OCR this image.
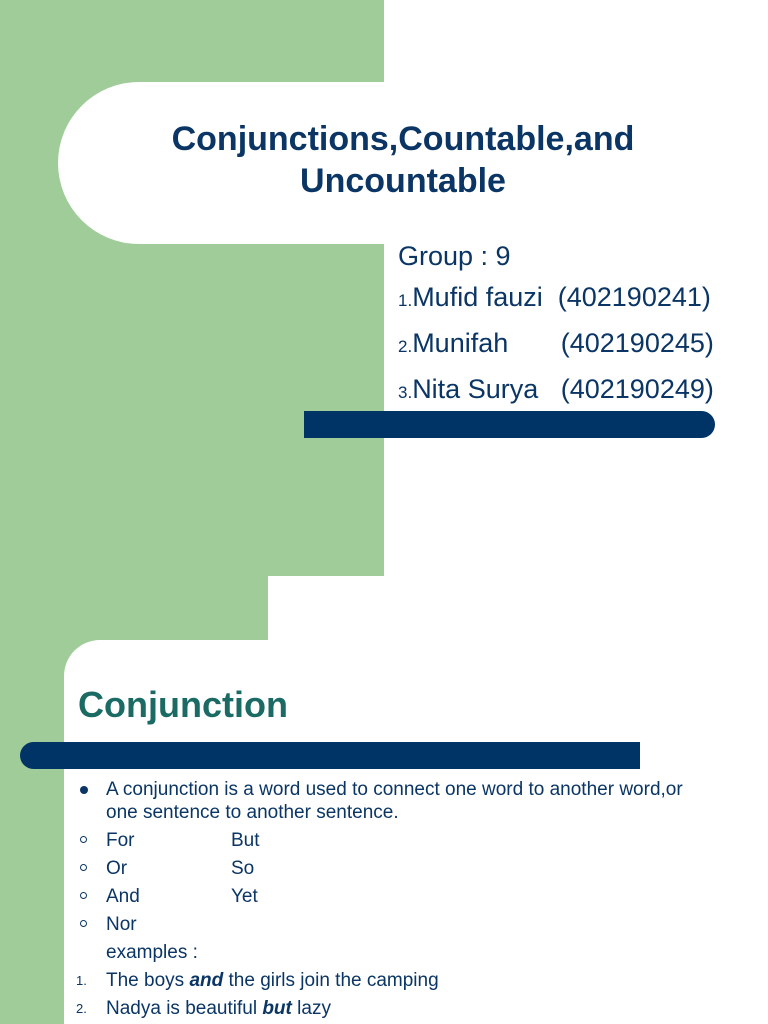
Conjunctions,Countable,and Uncountable
Group : 9
1.Mufid fauzi  (402190241)
2.Munifah       (402190245)
3.Nita Surya   (402190249)
Conjunction
A conjunction is a word used to connect one word to another word,or one sentence to another sentence.
For	But
Or	So
And	Yet
Nor
examples :
1. The boys and the girls join the camping
2. Nadya is beautiful but lazy
